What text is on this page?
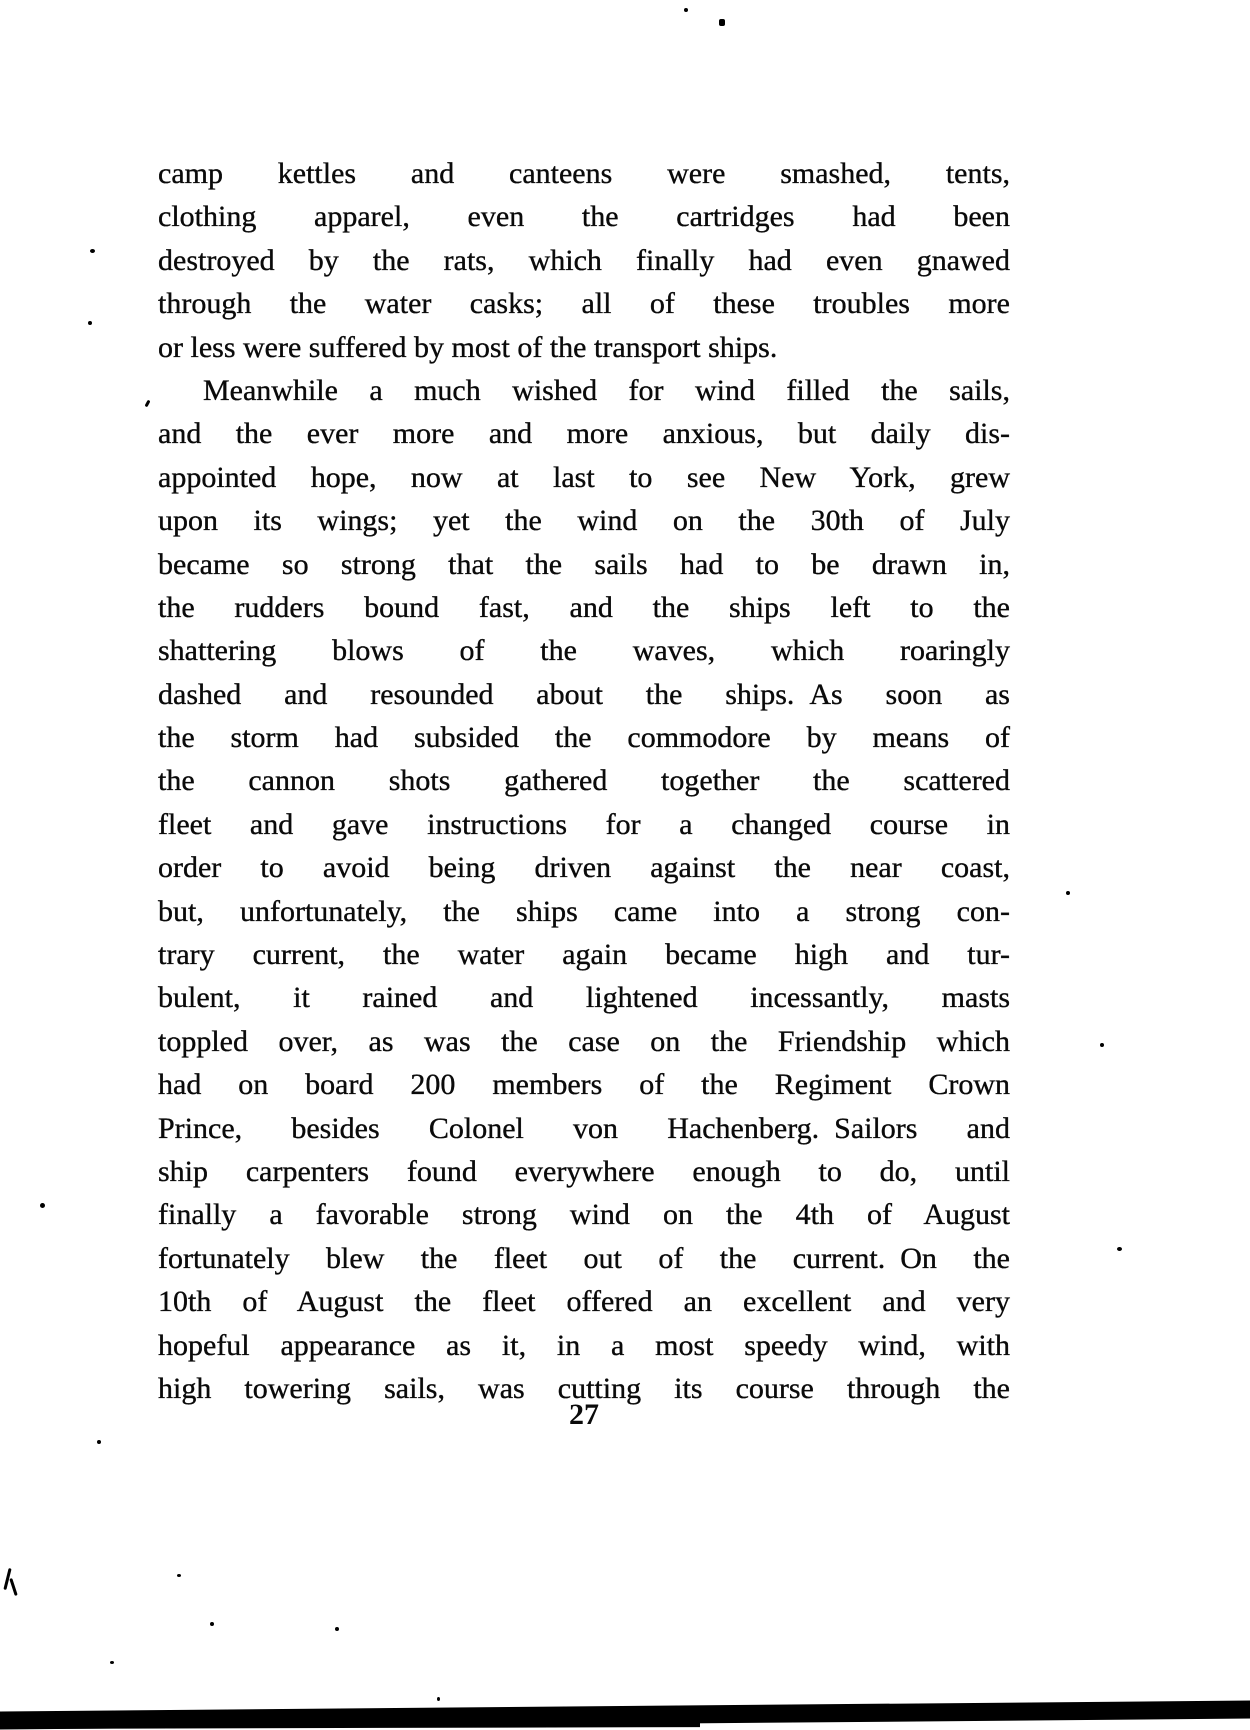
camp kettles and canteens were smashed, tents,
clothing apparel, even the cartridges had been
destroyed by the rats, which finally had even gnawed
through the water casks; all of these troubles more
or less were suffered by most of the transport ships.
Meanwhile a much wished for wind filled the sails,
and the ever more and more anxious, but daily dis-
appointed hope, now at last to see New York, grew
upon its wings; yet the wind on the 30th of July
became so strong that the sails had to be drawn in,
the rudders bound fast, and the ships left to the
shattering blows of the waves, which roaringly
dashed and resounded about the ships. As soon as
the storm had subsided the commodore by means of
the cannon shots gathered together the scattered
fleet and gave instructions for a changed course in
order to avoid being driven against the near coast,
but, unfortunately, the ships came into a strong con-
trary current, the water again became high and tur-
bulent, it rained and lightened incessantly, masts
toppled over, as was the case on the Friendship which
had on board 200 members of the Regiment Crown
Prince, besides Colonel von Hachenberg. Sailors and
ship carpenters found everywhere enough to do, until
finally a favorable strong wind on the 4th of August
fortunately blew the fleet out of the current. On the
10th of August the fleet offered an excellent and very
hopeful appearance as it, in a most speedy wind, with
high towering sails, was cutting its course through the
27
